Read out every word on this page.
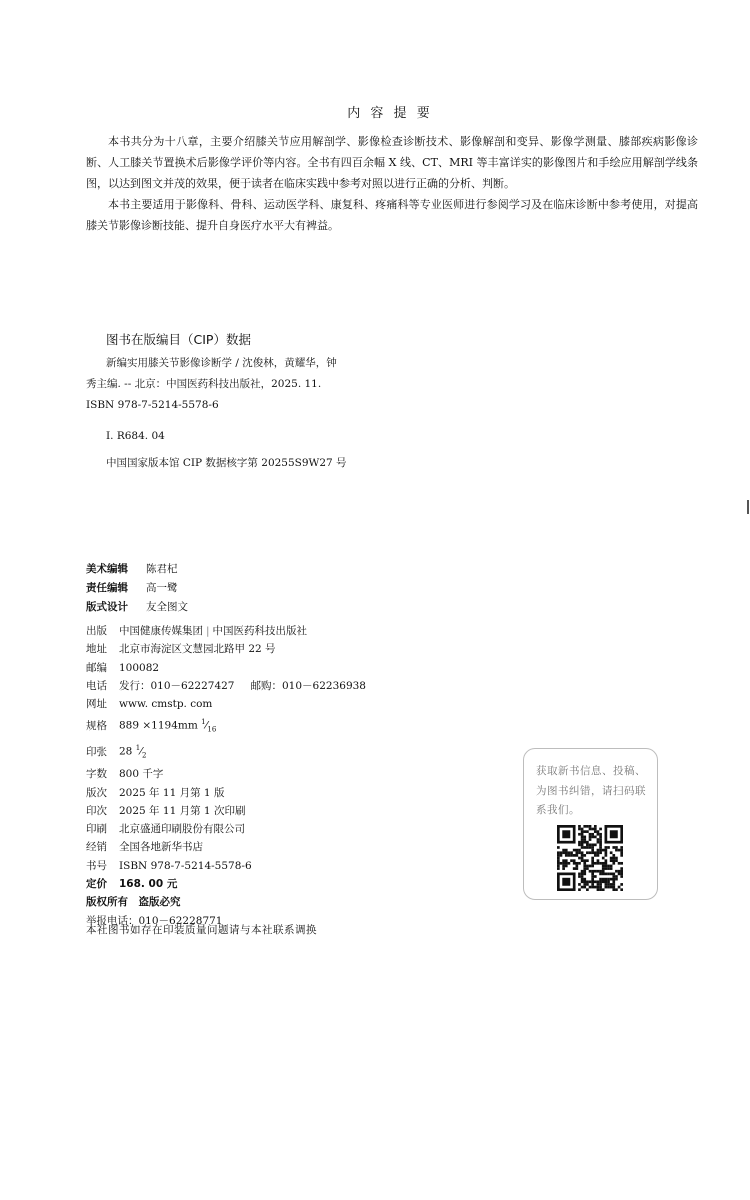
内 容 提 要
本书共分为十八章，主要介绍膝关节应用解剖学、影像检查诊断技术、影像解剖和变异、影像学测量、膝部疾病影像诊断、人工膝关节置换术后影像学评价等内容。全书有四百余幅 X 线、CT、MRI 等丰富详实的影像图片和手绘应用解剖学线条图，以达到图文并茂的效果，便于读者在临床实践中参考对照以进行正确的分析、判断。
本书主要适用于影像科、骨科、运动医学科、康复科、疼痛科等专业医师进行参阅学习及在临床诊断中参考使用，对提高膝关节影像诊断技能、提升自身医疗水平大有裨益。
图书在版编目（CIP）数据
新编实用膝关节影像诊断学 / 沈俊林，黄耀华，钟
秀主编. -- 北京：中国医药科技出版社，2025. 11.
ISBN 978-7-5214-5578-6
Ⅰ. R684. 04
中国国家版本馆 CIP 数据核字第 20255S9W27 号
美术编辑 陈君杞
责任编辑 高一鹭
版式设计 友全图文
出版 中国健康传媒集团 | 中国医药科技出版社
地址 北京市海淀区文慧园北路甲 22 号
邮编 100082
电话 发行：010－62227427 邮购：010－62236938
网址 www. cmstp. com
规格 889 ×1194mm $^1⁄_{16}$
印张 28 $^1⁄_2$
字数 800 千字
版次 2025 年 11 月第 1 版
印次 2025 年 11 月第 1 次印刷
印刷 北京盛通印刷股份有限公司
经销 全国各地新华书店
书号 ISBN 978-7-5214-5578-6
定价 168. 00 元
版权所有　盗版必究
举报电话：010－62228771
本社图书如存在印装质量问题请与本社联系调换
获取新书信息、投稿、为图书纠错，请扫码联系我们。
